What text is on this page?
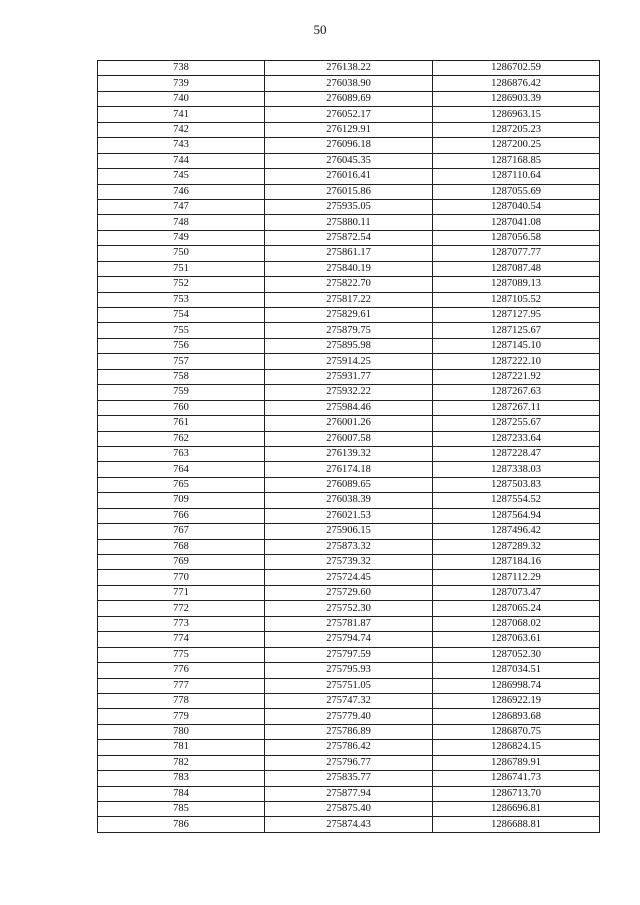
50
738	276138.22	1286702.59
739	276038.90	1286876.42
740	276089.69	1286903.39
741	276052.17	1286963.15
742	276129.91	1287205.23
743	276096.18	1287200.25
744	276045.35	1287168.85
745	276016.41	1287110.64
746	276015.86	1287055.69
747	275935.05	1287040.54
748	275880.11	1287041.08
749	275872.54	1287056.58
750	275861.17	1287077.77
751	275840.19	1287087.48
752	275822.70	1287089.13
753	275817.22	1287105.52
754	275829.61	1287127.95
755	275879.75	1287125.67
756	275895.98	1287145.10
757	275914.25	1287222.10
758	275931.77	1287221.92
759	275932.22	1287267.63
760	275984.46	1287267.11
761	276001.26	1287255.67
762	276007.58	1287233.64
763	276139.32	1287228.47
764	276174.18	1287338.03
765	276089.65	1287503.83
709	276038.39	1287554.52
766	276021.53	1287564.94
767	275906.15	1287496.42
768	275873.32	1287289.32
769	275739.32	1287184.16
770	275724.45	1287112.29
771	275729.60	1287073.47
772	275752.30	1287065.24
773	275781.87	1287068.02
774	275794.74	1287063.61
775	275797.59	1287052.30
776	275795.93	1287034.51
777	275751.05	1286998.74
778	275747.32	1286922.19
779	275779.40	1286893.68
780	275786.89	1286870.75
781	275786.42	1286824.15
782	275796.77	1286789.91
783	275835.77	1286741.73
784	275877.94	1286713.70
785	275875.40	1286696.81
786	275874.43	1286688.81
